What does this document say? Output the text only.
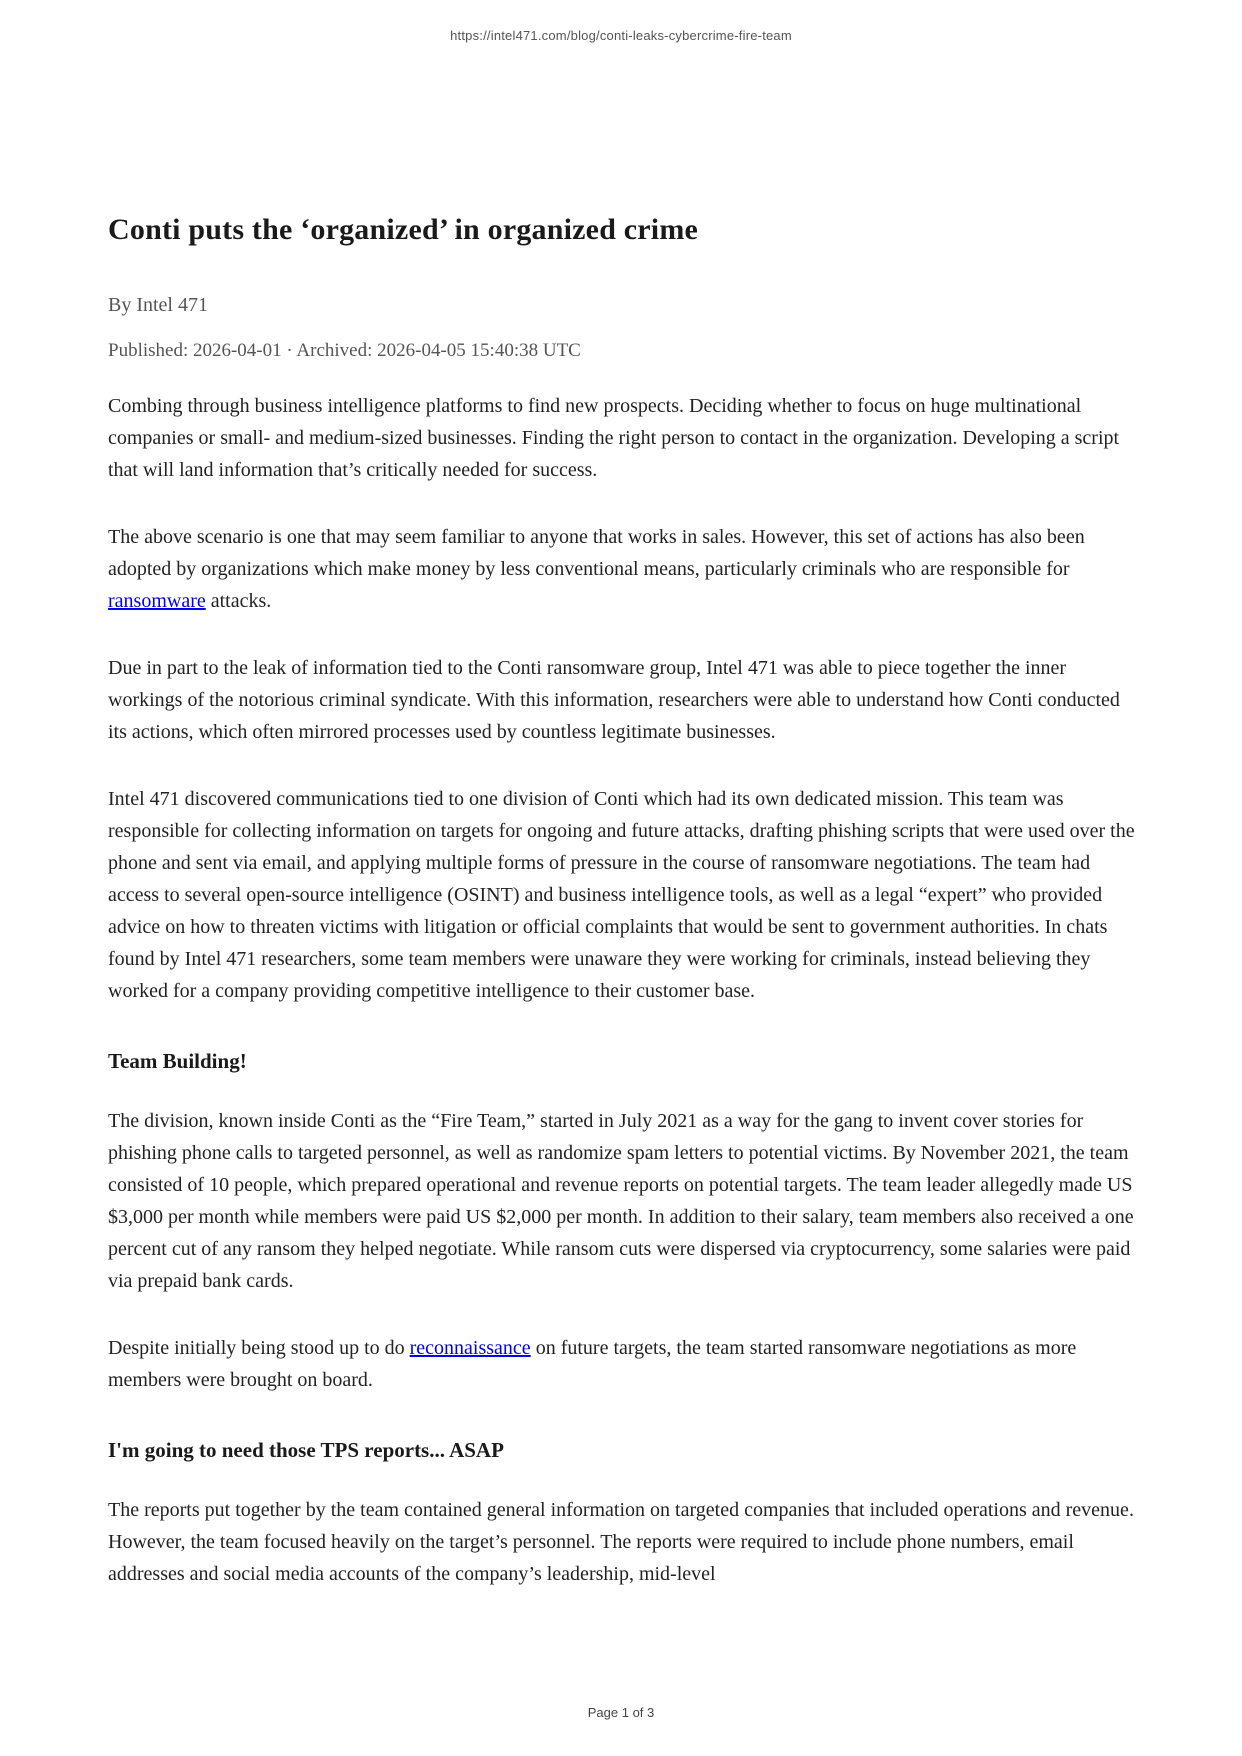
https://intel471.com/blog/conti-leaks-cybercrime-fire-team
Conti puts the ‘organized’ in organized crime

By Intel 471

Published: 2026-04-01 · Archived: 2026-04-05 15:40:38 UTC

Combing through business intelligence platforms to find new prospects. Deciding whether to focus on huge multinational companies or small- and medium-sized businesses. Finding the right person to contact in the organization. Developing a script that will land information that’s critically needed for success.

The above scenario is one that may seem familiar to anyone that works in sales. However, this set of actions has also been adopted by organizations which make money by less conventional means, particularly criminals who are responsible for ransomware attacks.

Due in part to the leak of information tied to the Conti ransomware group, Intel 471 was able to piece together the inner workings of the notorious criminal syndicate. With this information, researchers were able to understand how Conti conducted its actions, which often mirrored processes used by countless legitimate businesses.

Intel 471 discovered communications tied to one division of Conti which had its own dedicated mission. This team was responsible for collecting information on targets for ongoing and future attacks, drafting phishing scripts that were used over the phone and sent via email, and applying multiple forms of pressure in the course of ransomware negotiations. The team had access to several open-source intelligence (OSINT) and business intelligence tools, as well as a legal “expert” who provided advice on how to threaten victims with litigation or official complaints that would be sent to government authorities. In chats found by Intel 471 researchers, some team members were unaware they were working for criminals, instead believing they worked for a company providing competitive intelligence to their customer base.

Team Building!

The division, known inside Conti as the “Fire Team,” started in July 2021 as a way for the gang to invent cover stories for phishing phone calls to targeted personnel, as well as randomize spam letters to potential victims. By November 2021, the team consisted of 10 people, which prepared operational and revenue reports on potential targets. The team leader allegedly made US $3,000 per month while members were paid US $2,000 per month. In addition to their salary, team members also received a one percent cut of any ransom they helped negotiate. While ransom cuts were dispersed via cryptocurrency, some salaries were paid via prepaid bank cards.

Despite initially being stood up to do reconnaissance on future targets, the team started ransomware negotiations as more members were brought on board.

I'm going to need those TPS reports... ASAP

The reports put together by the team contained general information on targeted companies that included operations and revenue. However, the team focused heavily on the target’s personnel. The reports were required to include phone numbers, email addresses and social media accounts of the company’s leadership, mid-level

Page 1 of 3
